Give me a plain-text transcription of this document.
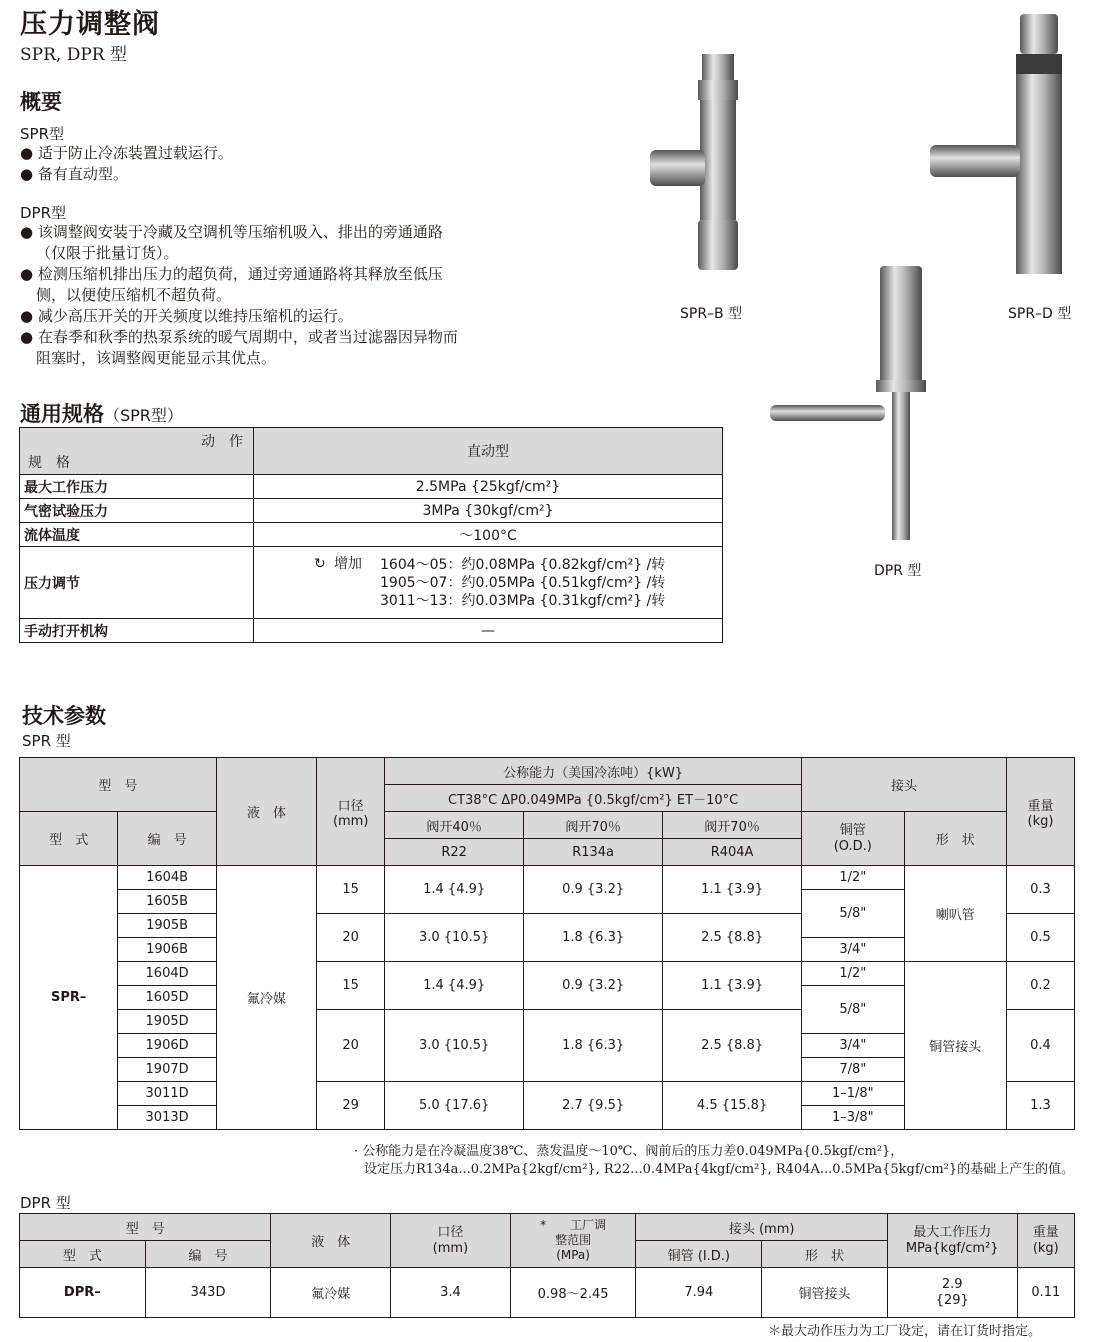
压力调整阀
SPR, DPR 型
概要
SPR型
● 适于防止冷冻装置过载运行。
● 备有直动型。
DPR型
● 该调整阀安装于冷藏及空调机等压缩机吸入、排出的旁通通路（仅限于批量订货）。
● 检测压缩机排出压力的超负荷，通过旁通通路将其释放至低压侧，以便使压缩机不超负荷。
● 减少高压开关的开关频度以维持压缩机的运行。
● 在春季和秋季的热泵系统的暖气周期中，或者当过滤器因异物而阻塞时，该调整阀更能显示其优点。
SPR–B 型	SPR–D 型
DPR 型
通用规格（SPR型）
动　作
规　格	直动型
最大工作压力	2.5MPa {25kgf/cm²}
气密试验压力	3MPa {30kgf/cm²}
流体温度	～100°C
压力调节	↻ 增加 1604～05：约0.08MPa {0.82kgf/cm²} /转
1905～07：约0.05MPa {0.51kgf/cm²} /转
3011～13：约0.03MPa {0.31kgf/cm²} /转

手动打开机构	—
技术参数
SPR 型
型　号		液　体	口径
(mm)	公称能力（美国冷冻吨）{kW}			接头		重量
(kg)
				CT38°C ΔP0.049MPa {0.5kgf/cm²} ET－10°C					
型　式	编　号			阀开40％	阀开70％	阀开70％	铜管
(O.D.)	形　状	
				R22	R134a	R404A			
SPR–	1604B	氟冷媒	15	1.4 {4.9}	0.9 {3.2}	1.1 {3.9}	1/2"	喇叭管	0.3
	1605B						5/8"		
	1905B		20	3.0 {10.5}	1.8 {6.3}	2.5 {8.8}			0.5
	1906B						3/4"		
	1604D		15	1.4 {4.9}	0.9 {3.2}	1.1 {3.9}	1/2"	铜管接头	0.2
	1605D						5/8"		
	1905D		20	3.0 {10.5}	1.8 {6.3}	2.5 {8.8}			0.4
	1906D						3/4"		
	1907D						7/8"		
	3011D		29	5.0 {17.6}	2.7 {9.5}	4.5 {15.8}	1–1/8"		1.3
	3013D						1–3/8"		
· 公称能力是在冷凝温度38℃、蒸发温度～10℃、阀前后的压力差0.049MPa{0.5kgf/cm²}，
设定压力R134a...0.2MPa{2kgf/cm²}, R22...0.4MPa{4kgf/cm²}, R404A...0.5MPa{5kgf/cm²}的基础上产生的值。
DPR 型
型　号		液　体	口径
(mm)	*　　工厂调
整范围
(MPa)	接头 (mm)		最大工作压力
MPa{kgf/cm²}	重量
(kg)
型　式	编　号				铜管 (I.D.)	形　状		
DPR–	343D	氟冷媒	3.4	0.98～2.45	7.94	铜管接头	2.9
{29}	0.11
＊最大动作压力为工厂设定，请在订货时指定。
